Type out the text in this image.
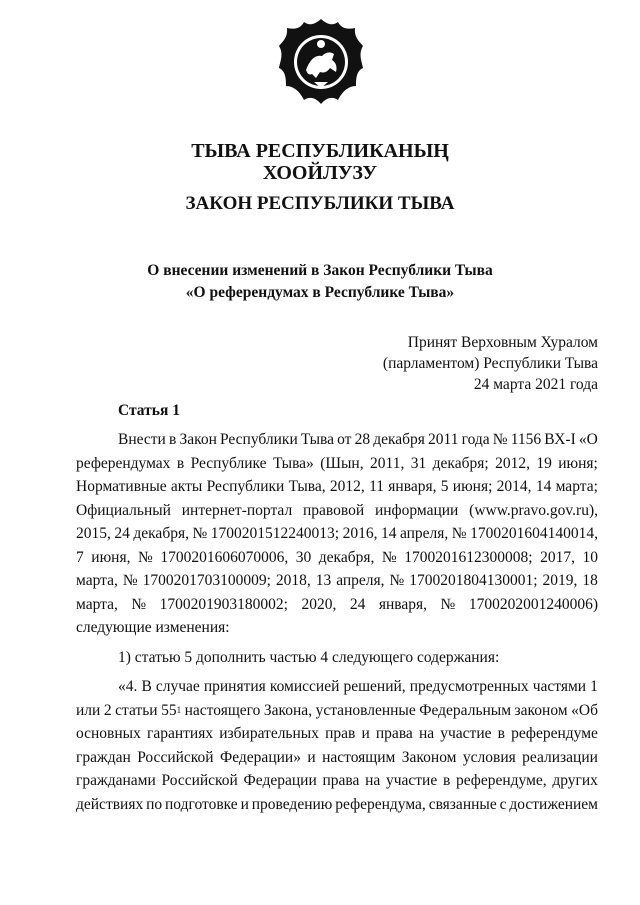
ТЫВА РЕСПУБЛИКАНЫҢ
ХООЙЛУЗУ
ЗАКОН РЕСПУБЛИКИ ТЫВА
О внесении изменений в Закон Республики Тыва
«О референдумах в Республике Тыва»
Принят Верховным Хуралом
(парламентом) Республики Тыва
24 марта 2021 года
Статья 1
Внести в Закон Республики Тыва от 28 декабря 2011 года № 1156 ВХ-I «О
референдумах в Республике Тыва» (Шын, 2011, 31 декабря; 2012, 19 июня;
Нормативные акты Республики Тыва, 2012, 11 января, 5 июня; 2014, 14 марта;
Официальный интернет-портал правовой информации (www.pravo.gov.ru),
2015, 24 декабря, № 1700201512240013; 2016, 14 апреля, № 1700201604140014,
7 июня, № 1700201606070006, 30 декабря, № 1700201612300008; 2017, 10
марта, № 1700201703100009; 2018, 13 апреля, № 1700201804130001; 2019, 18
марта, № 1700201903180002; 2020, 24 января, № 1700202001240006)
следующие изменения:
1) статью 5 дополнить частью 4 следующего содержания:
«4. В случае принятия комиссией решений, предусмотренных частями 1
или 2 статьи $55^1$ настоящего Закона, установленные Федеральным законом «Об
основных гарантиях избирательных прав и права на участие в референдуме
граждан Российской Федерации» и настоящим Законом условия реализации
гражданами Российской Федерации права на участие в референдуме, других
действиях по подготовке и проведению референдума, связанные с достижением
